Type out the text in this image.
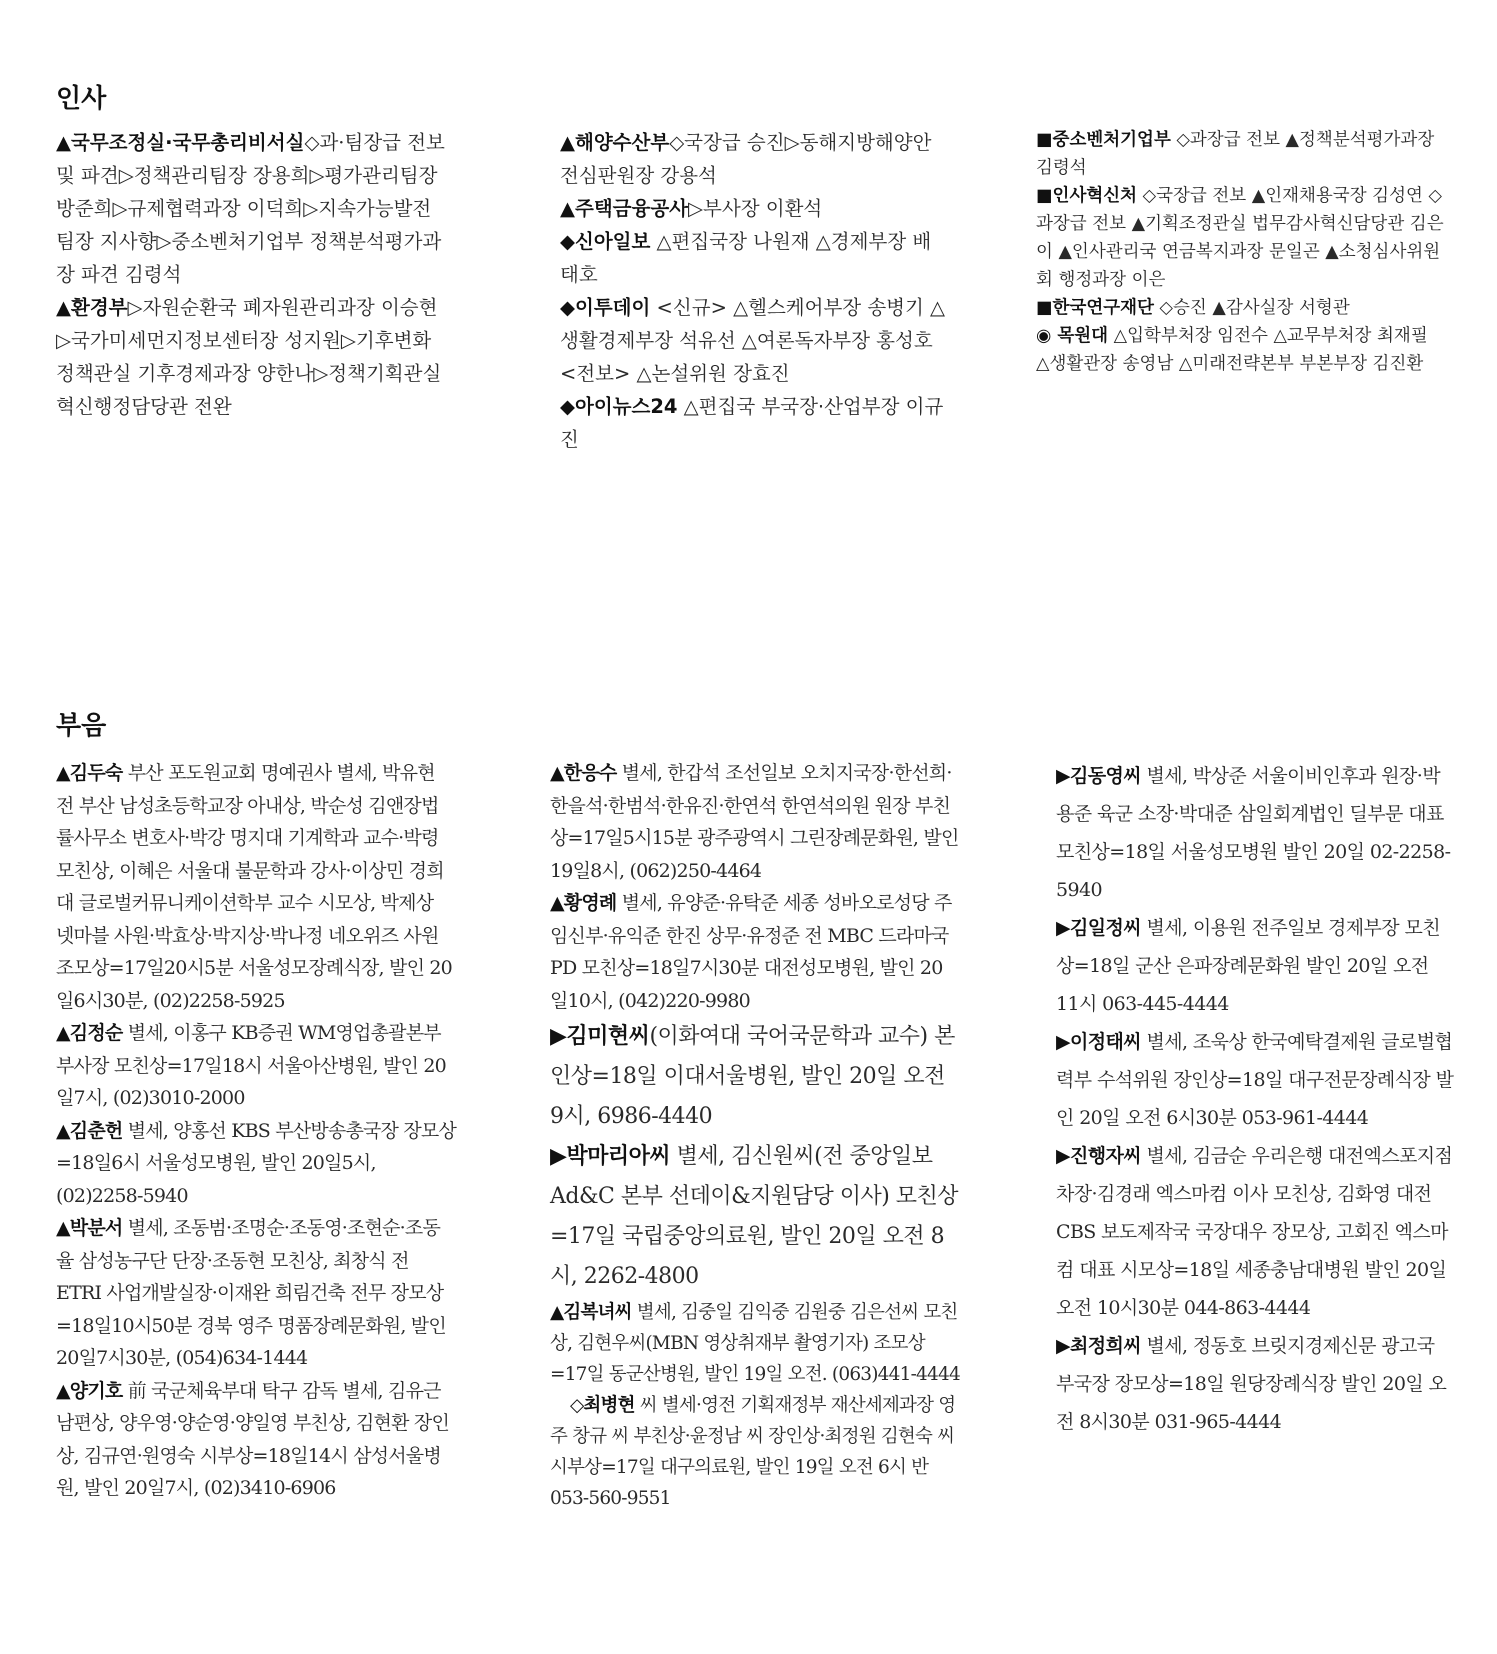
인사

▲국무조정실·국무총리비서실◇과·팀장급 전보 및 파견▷정책관리팀장 장용희▷평가관리팀장 방준희▷규제협력과장 이덕희▷지속가능발전팀장 지사향▷중소벤처기업부 정책분석평가과장 파견 김령석

▲환경부▷자원순환국 폐자원관리과장 이승현▷국가미세먼지정보센터장 성지원▷기후변화정책관실 기후경제과장 양한나▷정책기획관실 혁신행정담당관 전완

▲해양수산부◇국장급 승진▷동해지방해양안전심판원장 강용석

▲주택금융공사▷부사장 이환석

◆신아일보 △편집국장 나원재 △경제부장 배태호

◆이투데이 <신규> △헬스케어부장 송병기 △생활경제부장 석유선 △여론독자부장 홍성호 <전보> △논설위원 장효진

◆아이뉴스24 △편집국 부국장·산업부장 이규진

■중소벤처기업부 ◇과장급 전보 ▲정책분석평가과장 김령석

■인사혁신처 ◇국장급 전보 ▲인재채용국장 김성연 ◇과장급 전보 ▲기획조정관실 법무감사혁신담당관 김은이 ▲인사관리국 연금복지과장 문일곤 ▲소청심사위원회 행정과장 이은

■한국연구재단 ◇승진 ▲감사실장 서형관

◉ 목원대 △입학부처장 임전수 △교무부처장 최재필 △생활관장 송영남 △미래전략본부 부본부장 김진환

부음

▲김두숙 부산 포도원교회 명예권사 별세, 박유현 전 부산 남성초등학교장 아내상, 박순성 김앤장법률사무소 변호사·박강 명지대 기계학과 교수·박령 모친상, 이혜은 서울대 불문학과 강사·이상민 경희대 글로벌커뮤니케이션학부 교수 시모상, 박제상 넷마블 사원·박효상·박지상·박나정 네오위즈 사원 조모상=17일20시5분 서울성모장례식장, 발인 20일6시30분, (02)2258-5925

▲김정순 별세, 이홍구 KB증권 WM영업총괄본부 부사장 모친상=17일18시 서울아산병원, 발인 20일7시, (02)3010-2000

▲김춘헌 별세, 양홍선 KBS 부산방송총국장 장모상=18일6시 서울성모병원, 발인 20일5시, (02)2258-5940

▲박분서 별세, 조동범·조명순·조동영·조현순·조동율 삼성농구단 단장·조동현 모친상, 최창식 전 ETRI 사업개발실장·이재완 희림건축 전무 장모상=18일10시50분 경북 영주 명품장례문화원, 발인 20일7시30분, (054)634-1444

▲양기호 前 국군체육부대 탁구 감독 별세, 김유근 남편상, 양우영·양순영·양일영 부친상, 김현환 장인상, 김규연·원영숙 시부상=18일14시 삼성서울병원, 발인 20일7시, (02)3410-6906

▲한응수 별세, 한갑석 조선일보 오치지국장·한선희·한을석·한범석·한유진·한연석 한연석의원 원장 부친상=17일5시15분 광주광역시 그린장례문화원, 발인 19일8시, (062)250-4464

▲황영례 별세, 유양준·유탁준 세종 성바오로성당 주임신부·유익준 한진 상무·유정준 전 MBC 드라마국 PD 모친상=18일7시30분 대전성모병원, 발인 20일10시, (042)220-9980

▶김미현씨(이화여대 국어국문학과 교수) 본인상=18일 이대서울병원, 발인 20일 오전 9시, 6986-4440

▶박마리아씨 별세, 김신원씨(전 중앙일보 Ad&C 본부 선데이&지원담당 이사) 모친상=17일 국립중앙의료원, 발인 20일 오전 8시, 2262-4800

▲김복녀씨 별세, 김중일 김익중 김원중 김은선씨 모친상, 김현우씨(MBN 영상취재부 촬영기자) 조모상=17일 동군산병원, 발인 19일 오전. (063)441-4444

◇최병현 씨 별세·영전 기획재정부 재산세제과장 영주 창규 씨 부친상·윤정남 씨 장인상·최정원 김현숙 씨 시부상=17일 대구의료원, 발인 19일 오전 6시 반 053-560-9551

▶김동영씨 별세, 박상준 서울이비인후과 원장·박용준 육군 소장·박대준 삼일회계법인 딜부문 대표 모친상=18일 서울성모병원 발인 20일 02-2258-5940

▶김일정씨 별세, 이용원 전주일보 경제부장 모친상=18일 군산 은파장례문화원 발인 20일 오전 11시 063-445-4444

▶이정태씨 별세, 조욱상 한국예탁결제원 글로벌협력부 수석위원 장인상=18일 대구전문장례식장 발인 20일 오전 6시30분 053-961-4444

▶진행자씨 별세, 김금순 우리은행 대전엑스포지점 차장·김경래 엑스마컴 이사 모친상, 김화영 대전 CBS 보도제작국 국장대우 장모상, 고회진 엑스마컴 대표 시모상=18일 세종충남대병원 발인 20일 오전 10시30분 044-863-4444

▶최정희씨 별세, 정동호 브릿지경제신문 광고국 부국장 장모상=18일 원당장례식장 발인 20일 오전 8시30분 031-965-4444
